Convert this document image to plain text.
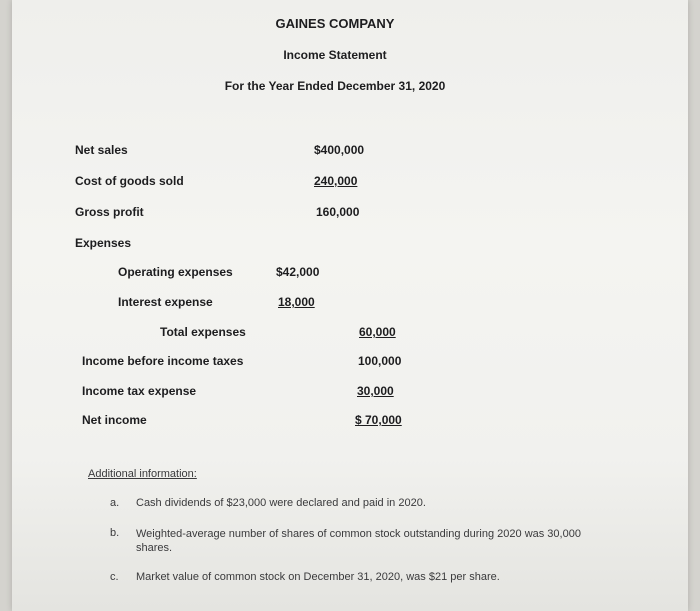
GAINES COMPANY
Income Statement
For the Year Ended December 31, 2020
Net sales	$400,000
Cost of goods sold	240,000
Gross profit	160,000
Expenses
Operating expenses	$42,000
Interest expense	18,000
Total expenses	60,000
Income before income taxes	100,000
Income tax expense	30,000
Net income	$ 70,000
Additional information:
a. Cash dividends of $23,000 were declared and paid in 2020.
b. Weighted-average number of shares of common stock outstanding during 2020 was 30,000 shares.
c. Market value of common stock on December 31, 2020, was $21 per share.
